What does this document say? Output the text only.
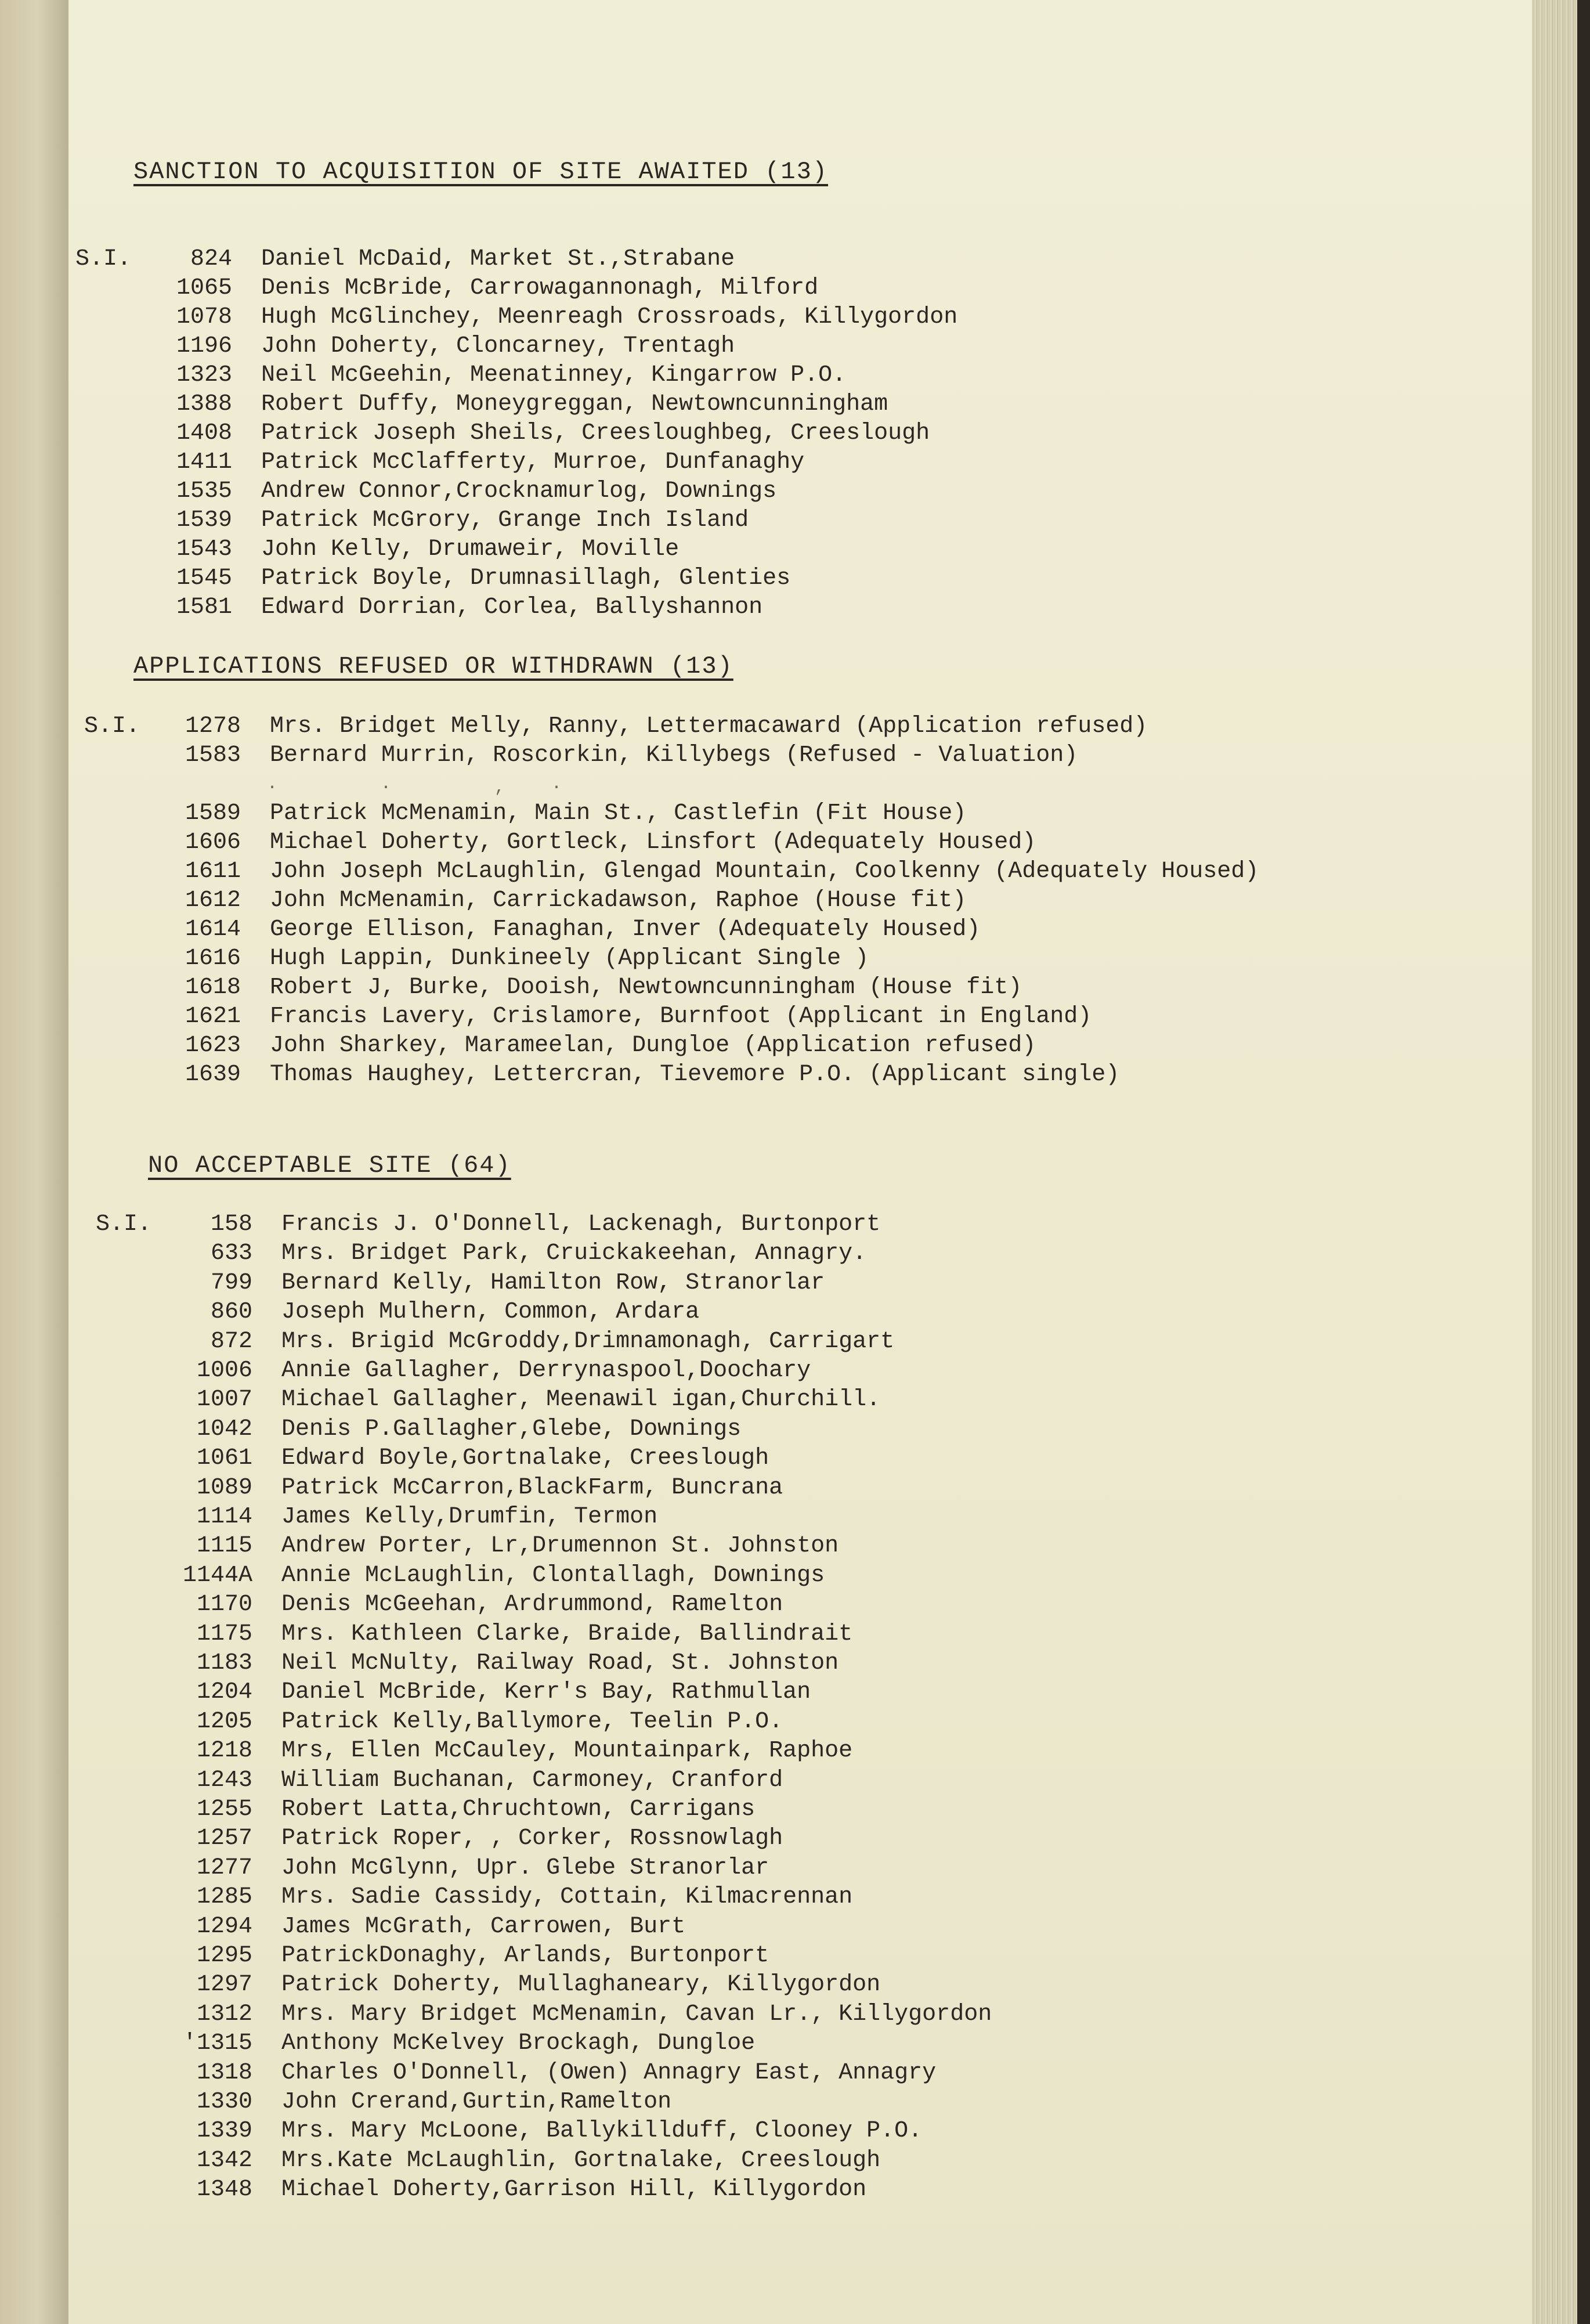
SANCTION TO ACQUISITION OF SITE AWAITED (13)
S.I.	824 Daniel McDaid, Market St.,Strabane
1065 Denis McBride, Carrowagannonagh, Milford
1078 Hugh McGlinchey, Meenreagh Crossroads, Killygordon
1196 John Doherty, Cloncarney, Trentagh
1323 Neil McGeehin, Meenatinney, Kingarrow P.O.
1388 Robert Duffy, Moneygreggan, Newtowncunningham
1408 Patrick Joseph Sheils, Creesloughbeg, Creeslough
1411 Patrick McClafferty, Murroe, Dunfanaghy
1535 Andrew Connor,Crocknamurlog, Downings
1539 Patrick McGrory, Grange Inch Island
1543 John Kelly, Drumaweir, Moville
1545 Patrick Boyle, Drumnasillagh, Glenties
1581 Edward Dorrian, Corlea, Ballyshannon
APPLICATIONS REFUSED OR WITHDRAWN (13)
S.I.	1278 Mrs. Bridget Melly, Ranny, Lettermacaward (Application refused)
1583 Bernard Murrin, Roscorkin, Killybegs (Refused - Valuation)
1589 Patrick McMenamin, Main St., Castlefin (Fit House)
1606 Michael Doherty, Gortleck, Linsfort (Adequately Housed)
1611 John Joseph McLaughlin, Glengad Mountain, Coolkenny (Adequately Housed)
1612 John McMenamin, Carrickadawson, Raphoe (House fit)
1614 George Ellison, Fanaghan, Inver (Adequately Housed)
1616 Hugh Lappin, Dunkineely (Applicant Single )
1618 Robert J, Burke, Dooish, Newtowncunningham (House fit)
1621 Francis Lavery, Crislamore, Burnfoot (Applicant in England)
1623 John Sharkey, Marameelan, Dungloe (Application refused)
1639 Thomas Haughey, Lettercran, Tievemore P.O. (Applicant single)
· · ,·
NO ACCEPTABLE SITE (64)
S.I.	158 Francis J. O'Donnell, Lackenagh, Burtonport
633 Mrs. Bridget Park, Cruickakeehan, Annagry.
799 Bernard Kelly, Hamilton Row, Stranorlar
860 Joseph Mulhern, Common, Ardara
872 Mrs. Brigid McGroddy,Drimnamonagh, Carrigart
1006 Annie Gallagher, Derrynaspool,Doochary
1007 Michael Gallagher, Meenawil igan,Churchill.
1042 Denis P.Gallagher,Glebe, Downings
1061 Edward Boyle,Gortnalake, Creeslough
1089 Patrick McCarron,BlackFarm, Buncrana
1114 James Kelly,Drumfin, Termon
1115 Andrew Porter, Lr,Drumennon St. Johnston
1144A Annie McLaughlin, Clontallagh, Downings
1170 Denis McGeehan, Ardrummond, Ramelton
1175 Mrs. Kathleen Clarke, Braide, Ballindrait
1183 Neil McNulty, Railway Road, St. Johnston
1204 Daniel McBride, Kerr's Bay, Rathmullan
1205 Patrick Kelly,Ballymore, Teelin P.O.
1218 Mrs, Ellen McCauley, Mountainpark, Raphoe
1243 William Buchanan, Carmoney, Cranford
1255 Robert Latta,Chruchtown, Carrigans
1257 Patrick Roper, , Corker, Rossnowlagh
1277 John McGlynn, Upr. Glebe Stranorlar
1285 Mrs. Sadie Cassidy, Cottain, Kilmacrennan
1294 James McGrath, Carrowen, Burt
1295 PatrickDonaghy, Arlands, Burtonport
1297 Patrick Doherty, Mullaghaneary, Killygordon
1312 Mrs. Mary Bridget McMenamin, Cavan Lr., Killygordon
'1315 Anthony McKelvey Brockagh, Dungloe
1318 Charles O'Donnell, (Owen) Annagry East, Annagry
1330 John Crerand,Gurtin,Ramelton
1339 Mrs. Mary McLoone, Ballykillduff, Clooney P.O.
1342 Mrs.Kate McLaughlin, Gortnalake, Creeslough
1348 Michael Doherty,Garrison Hill, Killygordon
